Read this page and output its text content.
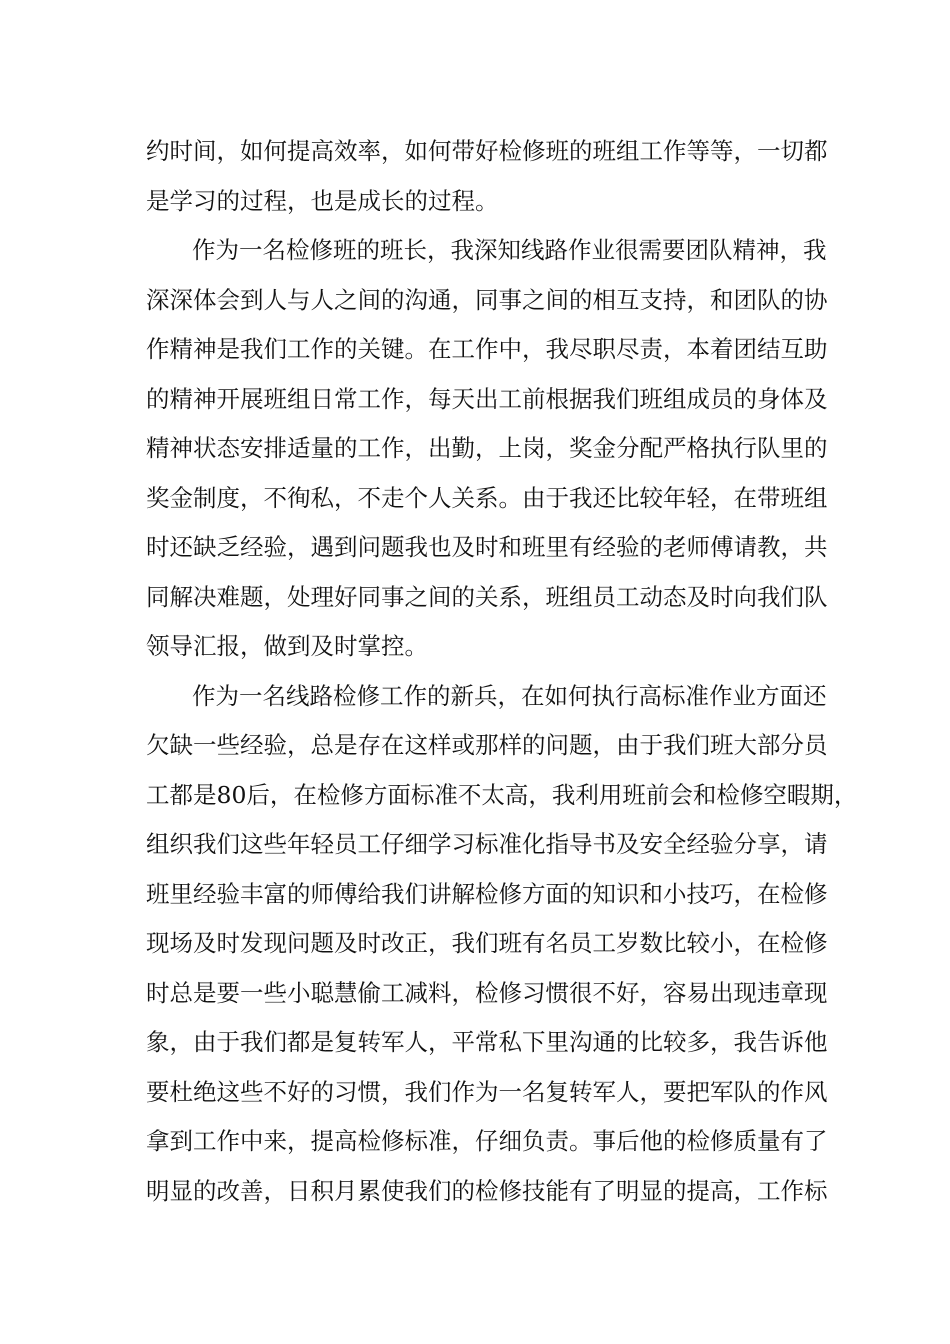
约时间，如何提高效率，如何带好检修班的班组工作等等，一切都
是学习的过程，也是成长的过程。
作为一名检修班的班长，我深知线路作业很需要团队精神，我
深深体会到人与人之间的沟通，同事之间的相互支持，和团队的协
作精神是我们工作的关键。在工作中，我尽职尽责，本着团结互助
的精神开展班组日常工作，每天出工前根据我们班组成员的身体及
精神状态安排适量的工作，出勤，上岗，奖金分配严格执行队里的
奖金制度，不徇私，不走个人关系。由于我还比较年轻，在带班组
时还缺乏经验，遇到问题我也及时和班里有经验的老师傅请教，共
同解决难题，处理好同事之间的关系，班组员工动态及时向我们队
领导汇报，做到及时掌控。
作为一名线路检修工作的新兵，在如何执行高标准作业方面还
欠缺一些经验，总是存在这样或那样的问题，由于我们班大部分员
工都是80后，在检修方面标准不太高，我利用班前会和检修空暇期，
组织我们这些年轻员工仔细学习标准化指导书及安全经验分享，请
班里经验丰富的师傅给我们讲解检修方面的知识和小技巧，在检修
现场及时发现问题及时改正，我们班有名员工岁数比较小，在检修
时总是要一些小聪慧偷工减料，检修习惯很不好，容易出现违章现
象，由于我们都是复转军人，平常私下里沟通的比较多，我告诉他
要杜绝这些不好的习惯，我们作为一名复转军人，要把军队的作风
拿到工作中来，提高检修标准，仔细负责。事后他的检修质量有了
明显的改善，日积月累使我们的检修技能有了明显的提高，工作标
